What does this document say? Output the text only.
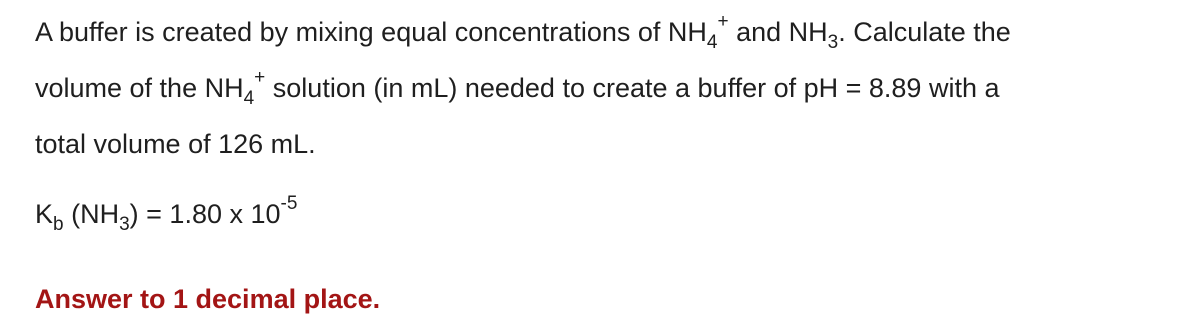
A buffer is created by mixing equal concentrations of $NH_4^+$ and $NH_3$. Calculate the
volume of the $NH_4^+$ solution (in mL) needed to create a buffer of pH = 8.89 with a
total volume of 126 mL.
$K_b$ $(NH_3) = 1.80$ x $10^{-5}$
Answer to 1 decimal place.
